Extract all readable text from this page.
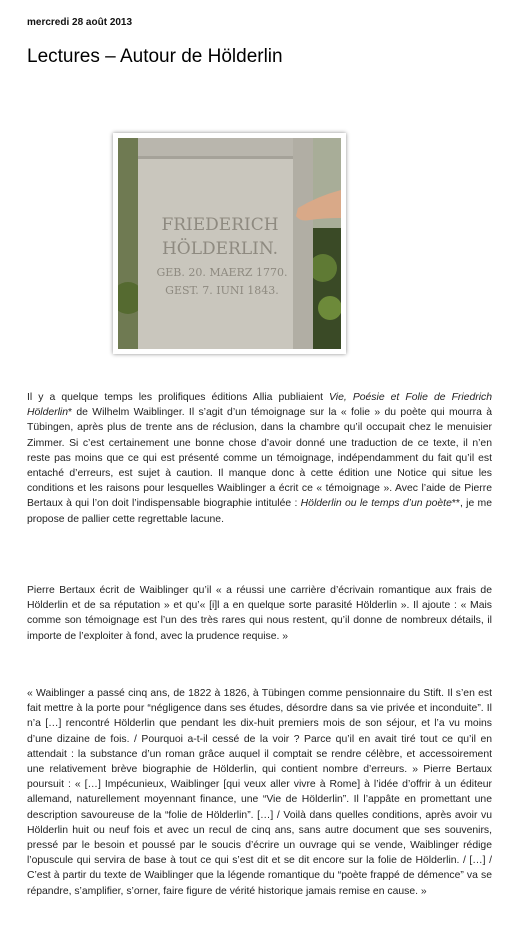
mercredi 28 août 2013
Lectures – Autour de Hölderlin
FRIEDERICH
HÖLDERLIN.
GEB. 20. MAERZ 1770.
GEST. 7. IUNI 1843.

Il y a quelque temps les prolifiques éditions Allia publiaient Vie, Poésie et Folie de Friedrich Hölderlin* de Wilhelm Waiblinger. Il s’agit d’un témoignage sur la « folie » du poète qui mourra à Tübingen, après plus de trente ans de réclusion, dans la chambre qu’il occupait chez le menuisier Zimmer. Si c’est certainement une bonne chose d’avoir donné une traduction de ce texte, il n’en reste pas moins que ce qui est présenté comme un témoignage, indépendamment du fait qu’il est entaché d’erreurs, est sujet à caution. Il manque donc à cette édition une Notice qui situe les conditions et les raisons pour lesquelles Waiblinger a écrit ce « témoignage ». Avec l’aide de Pierre Bertaux à qui l’on doit l’indispensable biographie intitulée : Hölderlin ou le temps d’un poète**, je me propose de pallier cette regrettable lacune.

Pierre Bertaux écrit de Waiblinger qu’il « a réussi une carrière d’écrivain romantique aux frais de Hölderlin et de sa réputation » et qu’« [i]l a en quelque sorte parasité Hölderlin ». Il ajoute : « Mais comme son témoignage est l’un des très rares qui nous restent, qu’il donne de nombreux détails, il importe de l’exploiter à fond, avec la prudence requise. »

« Waiblinger a passé cinq ans, de 1822 à 1826, à Tübingen comme pensionnaire du Stift. Il s’en est fait mettre à la porte pour “négligence dans ses études, désordre dans sa vie privée et inconduite”. Il n’a […] rencontré Hölderlin que pendant les dix-huit premiers mois de son séjour, et l’a vu moins d’une dizaine de fois. / Pourquoi a-t-il cessé de la voir ? Parce qu’il en avait tiré tout ce qu’il en attendait : la substance d’un roman grâce auquel il comptait se rendre célèbre, et accessoirement une relativement brève biographie de Hölderlin, qui contient nombre d’erreurs. » Pierre Bertaux poursuit : « […] Impécunieux, Waiblinger [qui veux aller vivre à Rome] à l’idée d’offrir à un éditeur allemand, naturellement moyennant finance, une “Vie de Hölderlin”. Il l’appâte en promettant une description savoureuse de la “folie de Hölderlin”. […] / Voilà dans quelles conditions, après avoir vu Hölderlin huit ou neuf fois et avec un recul de cinq ans, sans autre document que ses souvenirs, pressé par le besoin et poussé par le soucis d’écrire un ouvrage qui se vende, Waiblinger rédige l’opuscule qui servira de base à tout ce qui s’est dit et se dit encore sur la folie de Hölderlin. / […] / C’est à partir du texte de Waiblinger que la légende romantique du “poète frappé de démence” va se répandre, s’amplifier, s’orner, faire figure de vérité historique jamais remise en cause. »
